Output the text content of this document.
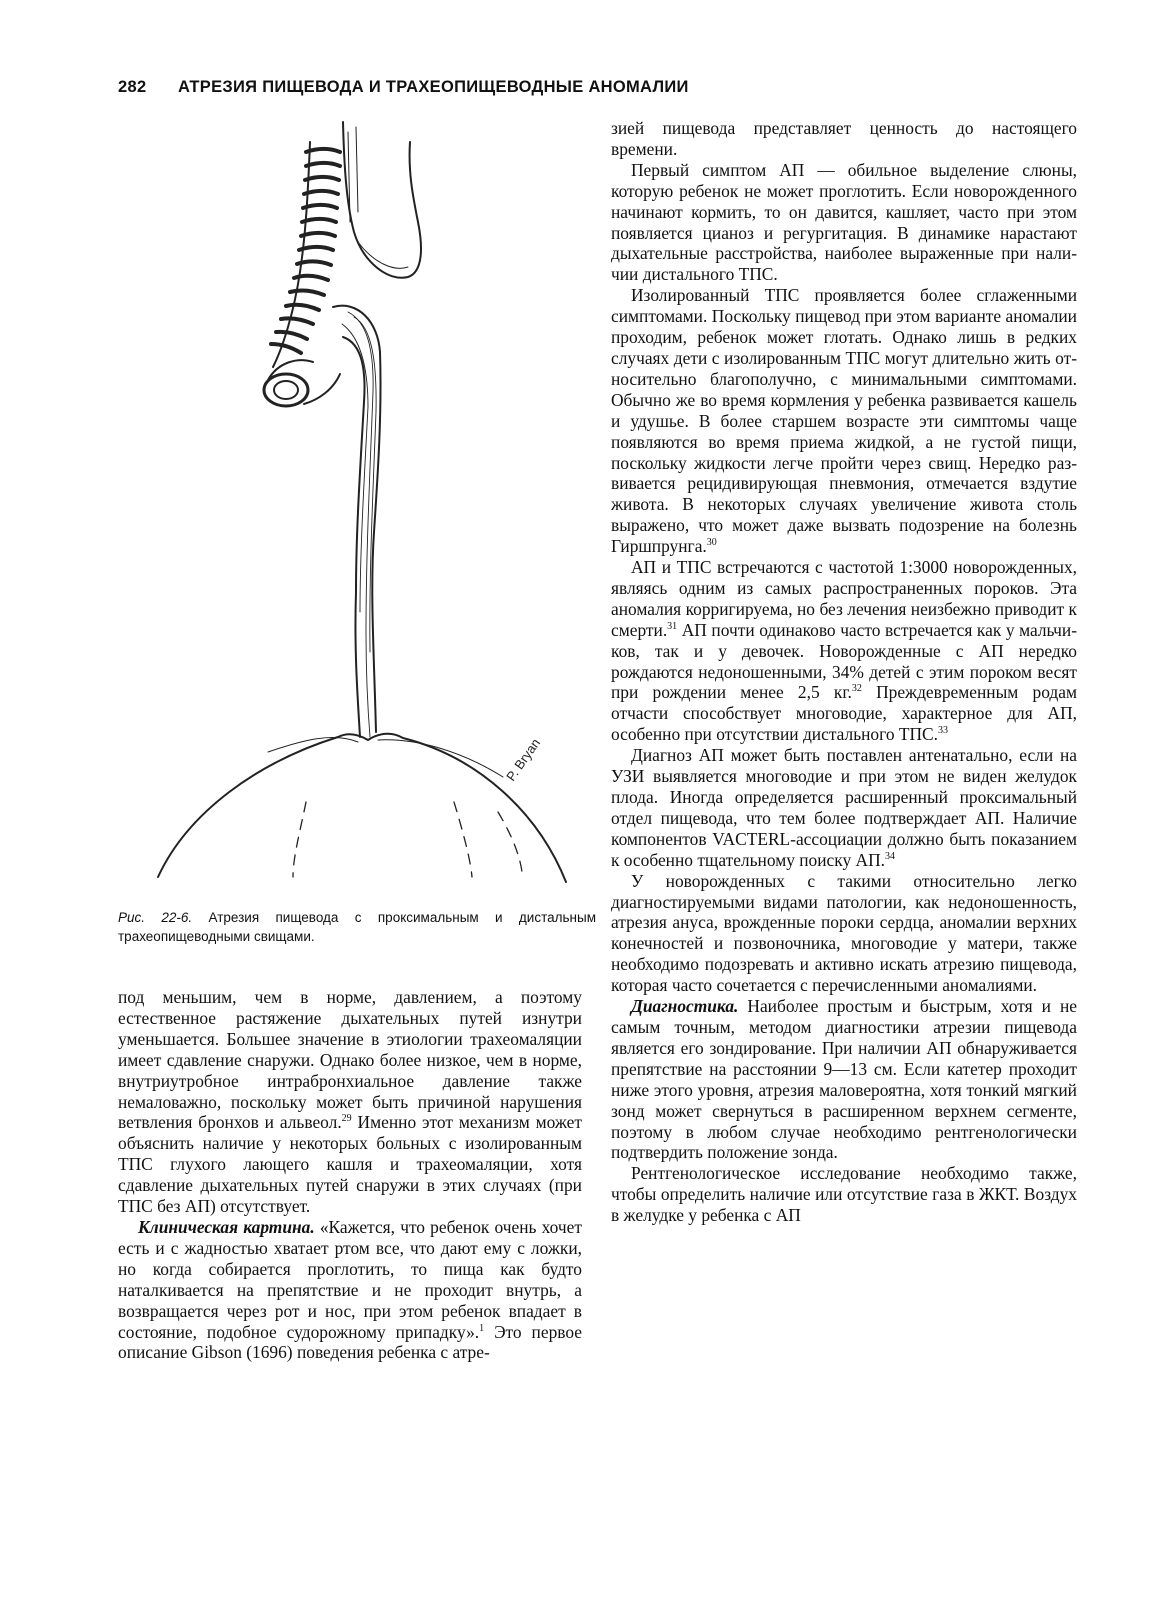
282 АТРЕЗИЯ ПИЩЕВОДА И ТРАХЕОПИЩЕВОДНЫЕ АНОМАЛИИ
P. Bryan
Рис. 22-6. Атрезия пищевода с проксимальным и дистальным трахеопищеводными свищами.

под меньшим, чем в норме, давлением, а поэтому естественное растяжение дыхательных путей изнутри уменьшается. Большее значение в этиологии трахеомаляции имеет сдавление снаружи. Однако более низкое, чем в норме, внутриутробное интрабронхиальное давление также немаловажно, поскольку может быть причиной нарушения ветвления бронхов и альвеол.$^{29}$ Именно этот механизм может объяснить наличие у некоторых больных с изолированным ТПС глухого лающего кашля и трахеомаляции, хотя сдавление дыхательных путей снаружи в этих случаях (при ТПС без АП) отсутствует.

Клиническая картина. «Кажется, что ребенок очень хочет есть и с жадностью хватает ртом все, что дают ему с ложки, но когда собирается проглотить, то пища как будто наталкивается на препятствие и не проходит внутрь, а возвращается через рот и нос, при этом ребенок впадает в состояние, подобное судорожному припадку».$^1$ Это первое описание Gibson (1696) поведения ребенка с атре-

зией пищевода представляет ценность до настоящего времени.

Первый симптом АП — обильное выделение слюны, которую ребенок не может проглотить. Если новорожденного начинают кормить, то он давится, кашляет, часто при этом появляется цианоз и регургитация. В динамике нарастают дыхательные расстройства, наиболее выраженные при наличии дистального ТПС.

Изолированный ТПС проявляется более сглаженными симптомами. Поскольку пищевод при этом варианте аномалии проходим, ребенок может глотать. Однако лишь в редких случаях дети с изолированным ТПС могут длительно жить относительно благополучно, с минимальными симптомами. Обычно же во время кормления у ребенка развивается кашель и удушье. В более старшем возрасте эти симптомы чаще появляются во время приема жидкой, а не густой пищи, поскольку жидкости легче пройти через свищ. Нередко развивается рецидивирующая пневмония, отмечается вздутие живота. В некоторых случаях увеличение живота столь выражено, что может даже вызвать подозрение на болезнь Гиршпрунга.$^{30}$

АП и ТПС встречаются с частотой 1:3000 новорожденных, являясь одним из самых распространенных пороков. Эта аномалия корригируема, но без лечения неизбежно приводит к смерти.$^{31}$ АП почти одинаково часто встречается как у мальчиков, так и у девочек. Новорожденные с АП нередко рождаются недоношенными, 34% детей с этим пороком весят при рождении менее 2,5 кг.$^{32}$ Преждевременным родам отчасти способствует многоводие, характерное для АП, особенно при отсутствии дистального ТПС.$^{33}$

Диагноз АП может быть поставлен антенатально, если на УЗИ выявляется многоводие и при этом не виден желудок плода. Иногда определяется расширенный проксимальный отдел пищевода, что тем более подтверждает АП. Наличие компонентов VACTERL-ассоциации должно быть показанием к особенно тщательному поиску АП.$^{34}$

У новорожденных с такими относительно легко диагностируемыми видами патологии, как недоношенность, атрезия ануса, врожденные пороки сердца, аномалии верхних конечностей и позвоночника, многоводие у матери, также необходимо подозревать и активно искать атрезию пищевода, которая часто сочетается с перечисленными аномалиями.

Диагностика. Наиболее простым и быстрым, хотя и не самым точным, методом диагностики атрезии пищевода является его зондирование. При наличии АП обнаруживается препятствие на расстоянии 9—13 см. Если катетер проходит ниже этого уровня, атрезия маловероятна, хотя тонкий мягкий зонд может свернуться в расширенном верхнем сегменте, поэтому в любом случае необходимо рентгенологически подтвердить положение зонда.

Рентгенологическое исследование необходимо также, чтобы определить наличие или отсутствие газа в ЖКТ. Воздух в желудке у ребенка с АП
